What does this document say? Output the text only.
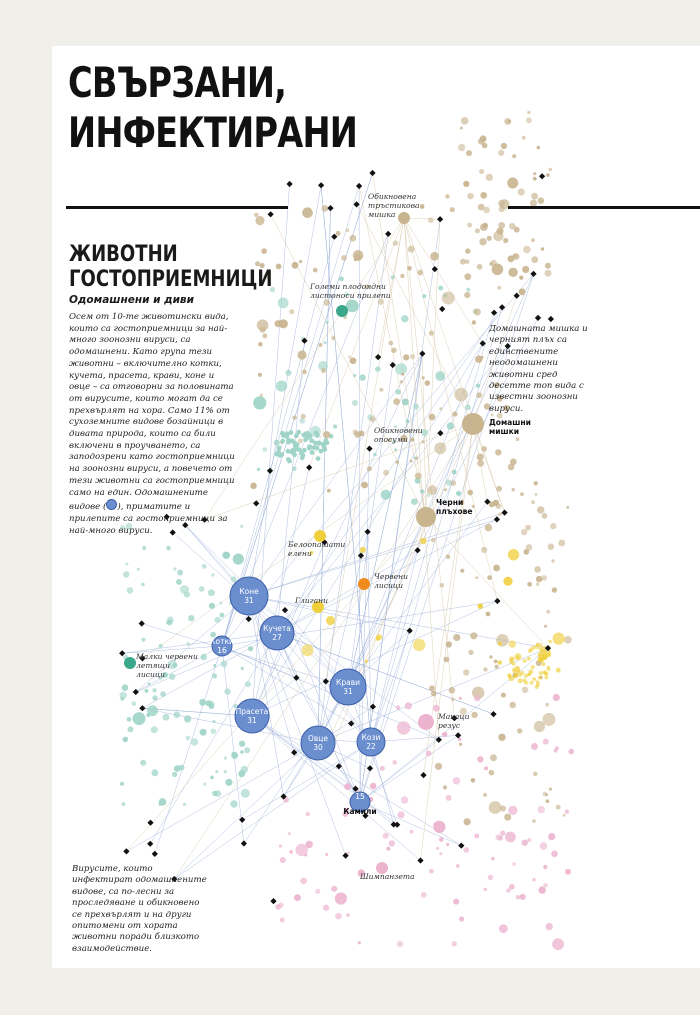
СВЪРЗАНИ,
ИНФЕКТИРАНИ
ЖИВОТНИ
ГОСТОПРИЕМНИЦИ

Одомашнени и диви

Осем от 10-те животински вида, които са гостоприемници за най-много зоонозни вируси, са одомашнени. Като група тези животни – включително котки, кучета, прасета, крави, коне и овце – са отговорни за половината от вирусите, които могат да се прехвърлят на хора. Само 11% от сухоземните видове бозайници в дивата природа, които са били включени в проучването, са заподозрени като гостоприемници на зоонозни вируси, а повечето от тези животни са гостоприемници само на един. Одомашнените видове ( ), приматите и прилепите са гостоприемници за най-много вируси.

Домашната мишка и черният плъх са единствените неодомашнени животни сред десетте топ вида с известни зоонозни вируси.

Вирусите, които инфектират одомашнените видове, са по-лесни за проследяване и обикновено се прехвърлят и на други опитомени от хората животни поради близкото взаимодействие.

Обикновена тръстикова мишка

Големи плодоядни листоноси прилепи

Обикновени опосуми

Домашни мишки

Черни плъхове

Белоопашати елени

Червени лисици

Глигани

Малки червени летящи лисици

Макаци резус

Шимпанзета

Коне
31
Котки
16
Кучета
27
Крави
31
Прасета
31
Овце
30
Кози
22
Камили
15
